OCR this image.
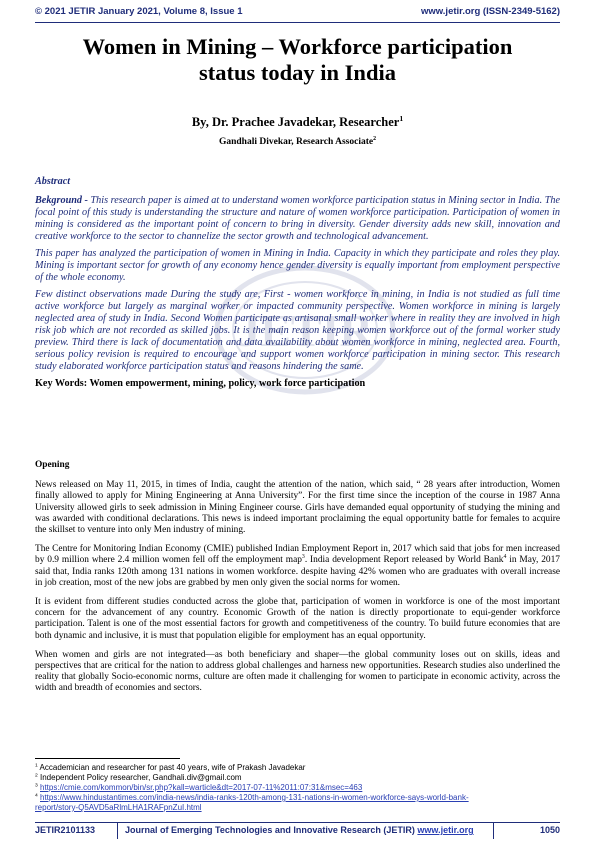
© 2021 JETIR January 2021, Volume 8, Issue 1	www.jetir.org (ISSN-2349-5162)
Women in Mining – Workforce participation
status today in India
By, Dr. Prachee Javadekar, Researcher$^1$
Gandhali Divekar, Research Associate$^2$
JETIR

Abstract

Bekground - This research paper is aimed at to understand women workforce participation status in Mining sector in India. The focal point of this study is understanding the structure and nature of women workforce participation. Participation of women in mining is considered as the important point of concern to bring in diversity. Gender diversity adds new skill, innovation and creative workforce to the sector to channelize the sector growth and technological advancement.

This paper has analyzed the participation of women in Mining in India. Capacity in which they participate and roles they play. Mining is important sector for growth of any economy hence gender diversity is equally important from employment perspective of the whole economy.

Few distinct observations made During the study are, First - women workforce in mining, in India is not studied as full time active workforce but largely as marginal worker or impacted community perspective. Women workforce in mining is largely neglected area of study in India. Second Women participate as artisanal small worker where in reality they are involved in high risk job which are not recorded as skilled jobs. It is the main reason keeping women workforce out of the formal worker study preview. Third there is lack of documentation and data availability about women workforce in mining, neglected area. Fourth, serious policy revision is required to encourage and support women workforce participation in mining sector. This research study elaborated workforce participation status and reasons hindering the same.

Key Words: Women empowerment, mining, policy, work force participation

Opening

News released on May 11, 2015, in times of India, caught the attention of the nation, which said, “ 28 years after introduction, Women finally allowed to apply for Mining Engineering at Anna University”. For the first time since the inception of the course in 1987 Anna University allowed girls to seek admission in Mining Engineer course. Girls have demanded equal opportunity of studying the mining and was awarded with conditional declarations. This news is indeed important proclaiming the equal opportunity battle for females to acquire the skillset to venture into only Men industry of mining.

The Centre for Monitoring Indian Economy (CMIE) published Indian Employment Report in, 2017 which said that jobs for men increased by 0.9 million where 2.4 million women fell off the employment map$^3$. India development Report released by World Bank$^4$ in May, 2017 said that, India ranks 120th among 131 nations in women workforce. despite having 42% women who are graduates with overall increase in job creation, most of the new jobs are grabbed by men only given the social norms for women.

It is evident from different studies conducted across the globe that, participation of women in workforce is one of the most important concern for the advancement of any country. Economic Growth of the nation is directly proportionate to equi-gender workforce participation. Talent is one of the most essential factors for growth and competitiveness of the country. To build future economies that are both dynamic and inclusive, it is must that population eligible for employment has an equal opportunity.

When women and girls are not integrated—as both beneficiary and shaper—the global community loses out on skills, ideas and perspectives that are critical for the nation to address global challenges and harness new opportunities. Research studies also underlined the reality that globally Socio-economic norms, culture are often made it challenging for women to participate in economic activity, across the width and breadth of economies and sectors.

$^1$ Accademician and researcher for past 40 years, wife of Prakash Javadekar
$^2$ Independent Policy researcher, Gandhali.div@gmail.com
$^3$ https://cmie.com/kommon/bin/sr.php?kall=warticle&dt=2017-07-11%2011:07:31&msec=463
$^4$ https://www.hindustantimes.com/india-news/india-ranks-120th-among-131-nations-in-women-workforce-says-world-bank-
report/story-Q5AVD5aRlmLHA1RAFpnZuI.html
JETIR2101133	Journal of Emerging Technologies and Innovative Research (JETIR) www.jetir.org	1050
